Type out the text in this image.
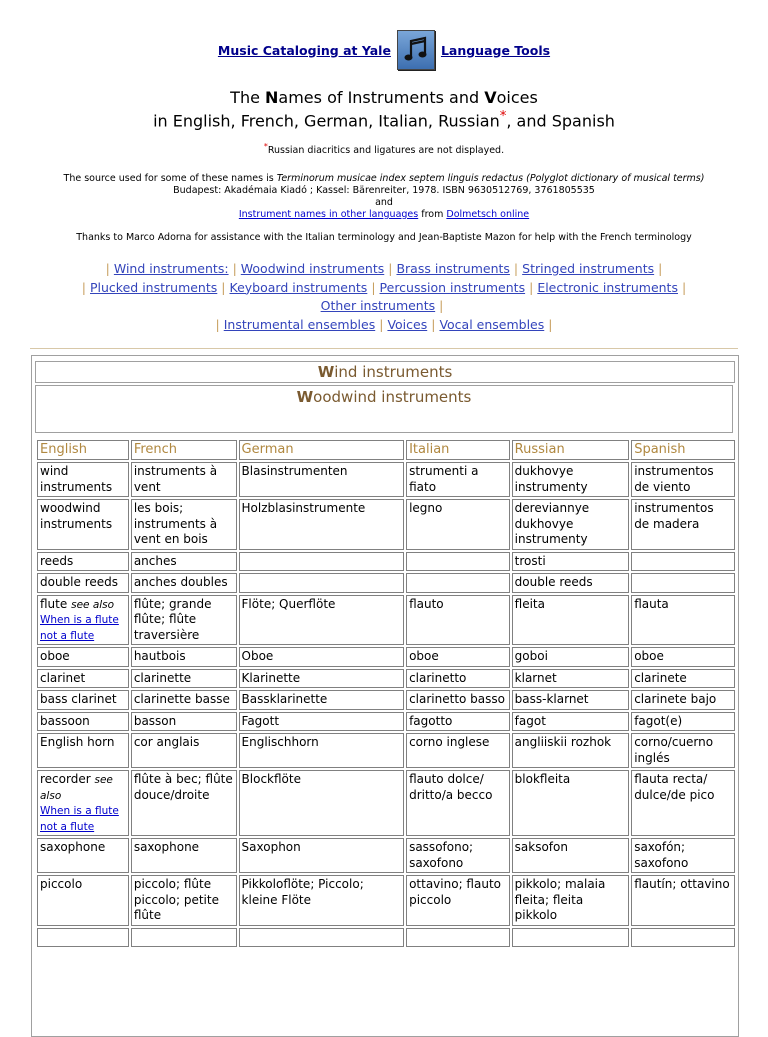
Music Cataloging at Yale	Language Tools
The Names of Instruments and Voices
in English, French, German, Italian, Russian*, and Spanish
*Russian diacritics and ligatures are not displayed.
The source used for some of these names is Terminorum musicae index septem linguis redactus (Polyglot dictionary of musical terms)
Budapest: Akadémaia Kiadó ; Kassel: Bärenreiter, 1978. ISBN 9630512769, 3761805535
and
Instrument names in other languages from Dolmetsch online
Thanks to Marco Adorna for assistance with the Italian terminology and Jean-Baptiste Mazon for help with the French terminology
| Wind instruments: | Woodwind instruments | Brass instruments | Stringed instruments |
| Plucked instruments | Keyboard instruments | Percussion instruments | Electronic instruments |
Other instruments |
| Instrumental ensembles | Voices | Vocal ensembles |
Wind instruments
Woodwind instruments
English	French	German	Italian	Russian	Spanish
wind instruments	instruments à vent	Blasinstrumenten	strumenti a fiato	dukhovye instrumenty	instrumentos de viento
woodwind instruments	les bois; instruments à vent en bois	Holzblasinstrumente	legno	dereviannye dukhovye instrumenty	instrumentos de madera
reeds	anches			trosti	
double reeds	anches doubles			double reeds	
flute see also
When is a flute not a flute	flûte; grande flûte; flûte traversière	Flöte; Querflöte	flauto	fleita	flauta
oboe	hautbois	Oboe	oboe	goboi	oboe
clarinet	clarinette	Klarinette	clarinetto	klarnet	clarinete
bass clarinet	clarinette basse	Bassklarinette	clarinetto basso	bass-klarnet	clarinete bajo
bassoon	basson	Fagott	fagotto	fagot	fagot(e)
English horn	cor anglais	Englischhorn	corno inglese	angliiskii rozhok	corno/cuerno inglés
recorder see also
When is a flute not a flute	flûte à bec; flûte douce/droite	Blockflöte	flauto dolce/ dritto/a becco	blokfleita	flauta recta/ dulce/de pico
saxophone	saxophone	Saxophon	sassofono; saxofono	saksofon	saxofón; saxofono
piccolo	piccolo; flûte piccolo; petite flûte	Pikkoloflöte; Piccolo; kleine Flöte	ottavino; flauto piccolo	pikkolo; malaia fleita; fleita pikkolo	flautín; ottavino
